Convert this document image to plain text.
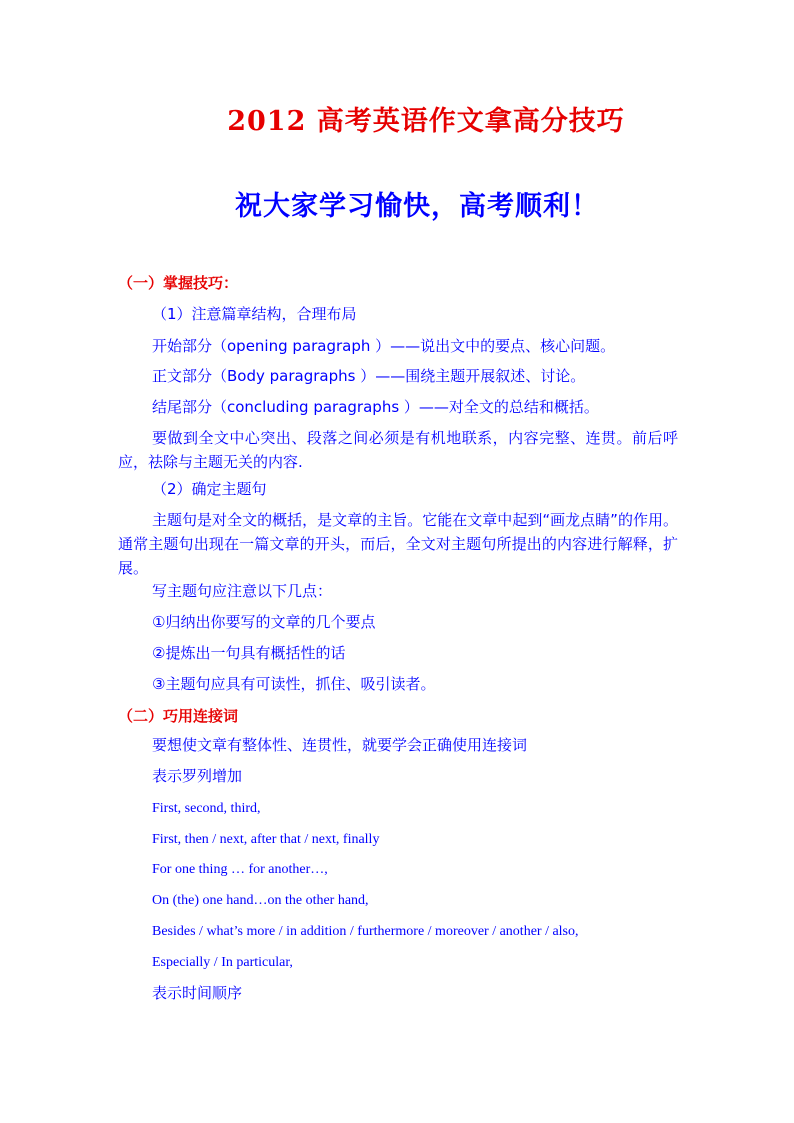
2012 高考英语作文拿高分技巧
祝大家学习愉快，高考顺利！
（一）掌握技巧：
（1）注意篇章结构，合理布局
开始部分（opening paragraph ）——说出文中的要点、核心问题。
正文部分（Body paragraphs ）——围绕主题开展叙述、讨论。
结尾部分（concluding paragraphs ）——对全文的总结和概括。
要做到全文中心突出、段落之间必须是有机地联系，内容完整、连贯。前后呼应，祛除与主题无关的内容.
（2）确定主题句
主题句是对全文的概括，是文章的主旨。它能在文章中起到“画龙点睛”的作用。通常主题句出现在一篇文章的开头，而后，全文对主题句所提出的内容进行解释，扩展。
写主题句应注意以下几点：
①归纳出你要写的文章的几个要点
②提炼出一句具有概括性的话
③主题句应具有可读性，抓住、吸引读者。
（二）巧用连接词
要想使文章有整体性、连贯性，就要学会正确使用连接词
表示罗列增加
First, second, third,
First, then / next, after that / next, finally
For one thing … for another…,
On (the) one hand…on the other hand,
Besides / what’s more / in addition / furthermore / moreover / another / also,
Especially / In particular,
表示时间顺序
